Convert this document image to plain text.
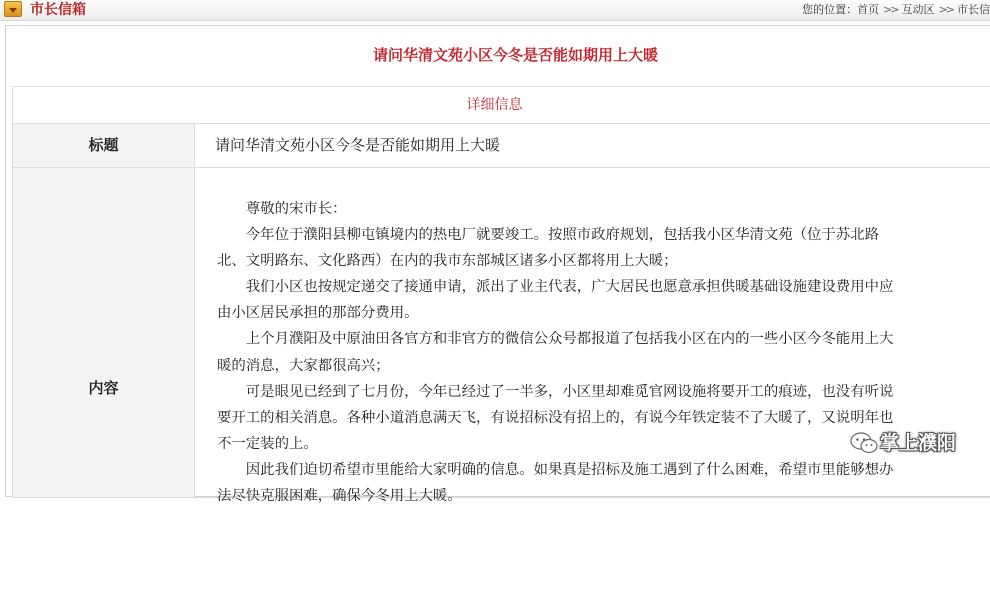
市长信箱	您的位置：首页 >> 互动区 >> 市长信
请问华清文苑小区今冬是否能如期用上大暖
详细信息
标题	请问华清文苑小区今冬是否能如期用上大暖
内容

　　尊敬的宋市长：

　　今年位于濮阳县柳屯镇境内的热电厂就要竣工。按照市政府规划，包括我小区华清文苑（位于苏北路北、文明路东、文化路西）在内的我市东部城区诸多小区都将用上大暖；

　　我们小区也按规定递交了接通申请，派出了业主代表，广大居民也愿意承担供暖基础设施建设费用中应由小区居民承担的那部分费用。

　　上个月濮阳及中原油田各官方和非官方的微信公众号都报道了包括我小区在内的一些小区今冬能用上大暖的消息，大家都很高兴；

　　可是眼见已经到了七月份，今年已经过了一半多，小区里却难觅官网设施将要开工的痕迹，也没有听说要开工的相关消息。各种小道消息满天飞，有说招标没有招上的，有说今年铁定装不了大暖了，又说明年也不一定装的上。

　　因此我们迫切希望市里能给大家明确的信息。如果真是招标及施工遇到了什么困难，希望市里能够想办法尽快克服困难，确保今冬用上大暖。

掌上濮阳
